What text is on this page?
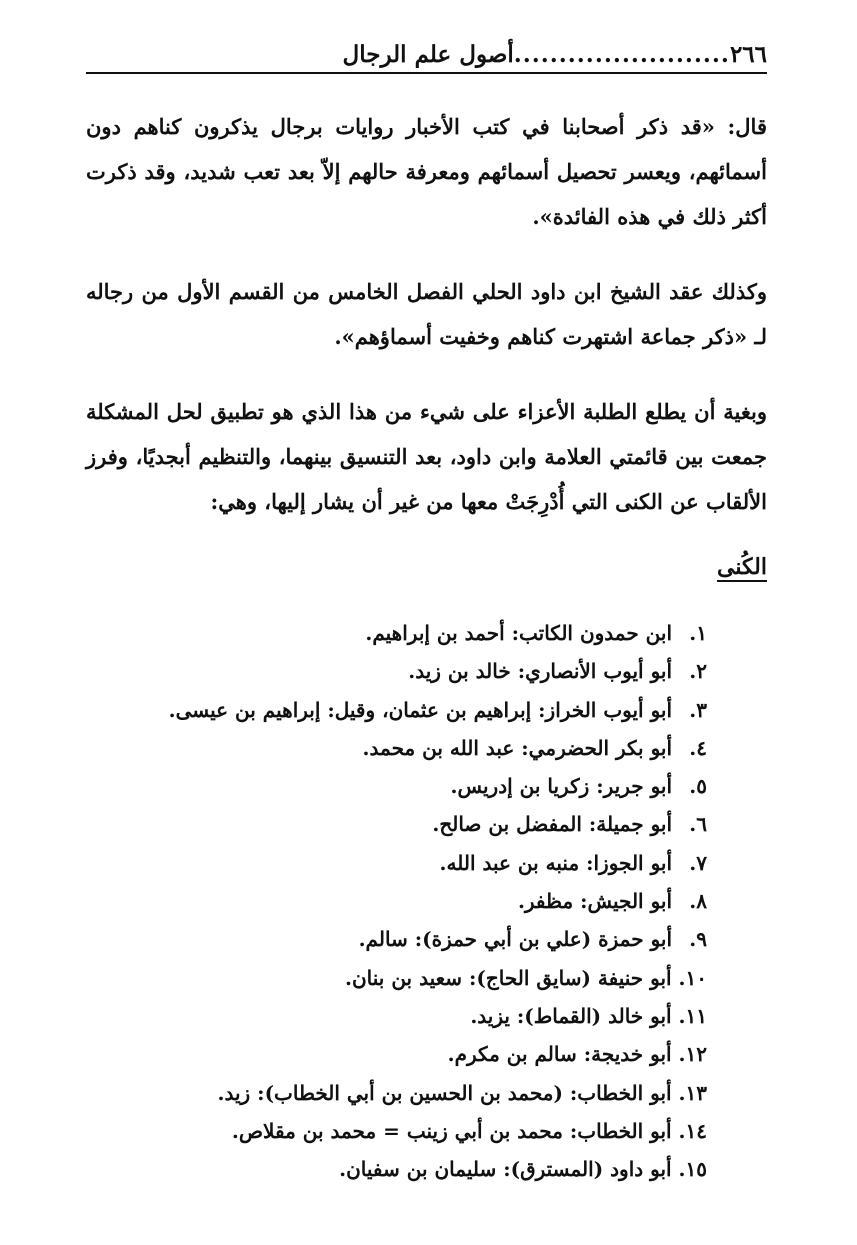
٢٦٦
........................
أصول علم الرجال

قال: «قد ذكر أصحابنا في كتب الأخبار روايات برجال يذكرون كناهم دون أسمائهم، ويعسر تحصيل أسمائهم ومعرفة حالهم إلاّ بعد تعب شديد، وقد ذكرت أكثر ذلك في هذه الفائدة».

وكذلك عقد الشيخ ابن داود الحلي الفصل الخامس من القسم الأول من رجاله لـ «ذكر جماعة اشتهرت كناهم وخفيت أسماؤهم».

وبغية أن يطلع الطلبة الأعزاء على شيء من هذا الذي هو تطبيق لحل المشكلة جمعت بين قائمتي العلامة وابن داود، بعد التنسيق بينهما، والتنظيم أبجديًا، وفرز الألقاب عن الكنى التي أُدْرِجَتْ معها من غير أن يشار إليها، وهي:

الكُنى
١. ابن حمدون الكاتب: أحمد بن إبراهيم.
٢. أبو أيوب الأنصاري: خالد بن زيد.
٣. أبو أيوب الخراز: إبراهيم بن عثمان، وقيل: إبراهيم بن عيسى.
٤. أبو بكر الحضرمي: عبد الله بن محمد.
٥. أبو جرير: زكريا بن إدريس.
٦. أبو جميلة: المفضل بن صالح.
٧. أبو الجوزا: منبه بن عبد الله.
٨. أبو الجيش: مظفر.
٩. أبو حمزة (علي بن أبي حمزة): سالم.
١٠. أبو حنيفة (سايق الحاج): سعيد بن بنان.
١١. أبو خالد (القماط): يزيد.
١٢. أبو خديجة: سالم بن مكرم.
١٣. أبو الخطاب: (محمد بن الحسين بن أبي الخطاب): زيد.
١٤. أبو الخطاب: محمد بن أبي زينب = محمد بن مقلاص.
١٥. أبو داود (المسترق): سليمان بن سفيان.
